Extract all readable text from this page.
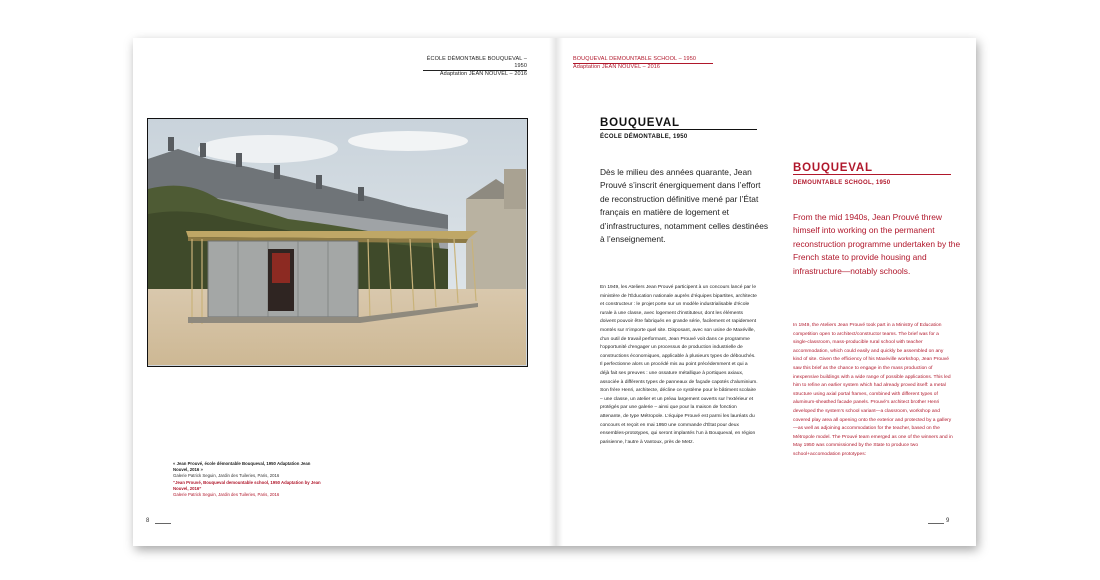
ÉCOLE DÉMONTABLE BOUQUEVAL – 1950
Adaptation JEAN NOUVEL – 2016
BOUQUEVAL DEMOUNTABLE SCHOOL – 1950
Adaptation JEAN NOUVEL – 2016
« Jean Prouvé, école démontable Bouqueval, 1950 Adaptation Jean Nouvel, 2016 »
Galerie Patrick Seguin, Jardin des Tuileries, Paris, 2016
“Jean Prouvé, Bouqueval demountable school, 1950 Adaptation by Jean Nouvel, 2016”
Galerie Patrick Seguin, Jardin des Tuileries, Paris, 2016
8	9
BOUQUEVAL
ÉCOLE DÉMONTABLE, 1950
Dès le milieu des années quarante, Jean Prouvé s’inscrit énergiquement dans l’effort de reconstruction définitive mené par l’État français en matière de logement et d’infrastructures, notamment celles destinées à l’enseignement.
En 1949, les Ateliers Jean Prouvé participent à un concours lancé par le ministère de l’Éducation nationale auprès d’équipes bipartites, architecte et constructeur : le projet porte sur un modèle industrialisable d’école rurale à une classe, avec logement d’instituteur, dont les éléments doivent pouvoir être fabriqués en grande série, facilement et rapidement montés sur n’importe quel site. Disposant, avec son usine de Maxéville, d’un outil de travail performant, Jean Prouvé voit dans ce programme l’opportunité d’engager un processus de production industrielle de constructions économiques, applicable à plusieurs types de débouchés. Il perfectionne alors un procédé mis au point précédemment et qui a déjà fait ses preuves : une ossature métallique à portiques axiaux, associée à différents types de panneaux de façade capotés d’aluminium. Son frère Henri, architecte, décline ce système pour le bâtiment scolaire – une classe, un atelier et un préau largement ouverts sur l’extérieur et protégés par une galerie – ainsi que pour la maison de fonction attenante, de type Métropole. L’équipe Prouvé est parmi les lauréats du concours et reçoit en mai 1950 une commande d’État pour deux ensembles-prototypes, qui seront implantés l’un à Bouqueval, en région parisienne, l’autre à Vantoux, près de Metz.
BOUQUEVAL
DEMOUNTABLE SCHOOL, 1950
From the mid 1940s, Jean Prouvé threw himself into working on the permanent reconstruction programme undertaken by the French state to provide housing and infrastructure—notably schools.
In 1949, the Ateliers Jean Prouvé took part in a Ministry of Education competition open to architect/constructor teams. The brief was for a single-classroom, mass-producible rural school with teacher accommodation, which could easily and quickly be assembled on any kind of site. Given the efficiency of his Maxéville workshop, Jean Prouvé saw this brief as the chance to engage in the mass production of inexpensive buildings with a wide range of possible applications. This led him to refine an earlier system which had already proved itself: a metal structure using axial portal frames, combined with different types of aluminum-sheathed facade panels. Prouvé’s architect brother Henri developed the system’s school variant—a classroom, workshop and covered play area all opening onto the exterior and protected by a gallery—as well as adjoining accommodation for the teacher, based on the Métropole model. The Prouvé team emerged as one of the winners and in May 1950 was commissioned by the State to produce two school+accomodation prototypes:
